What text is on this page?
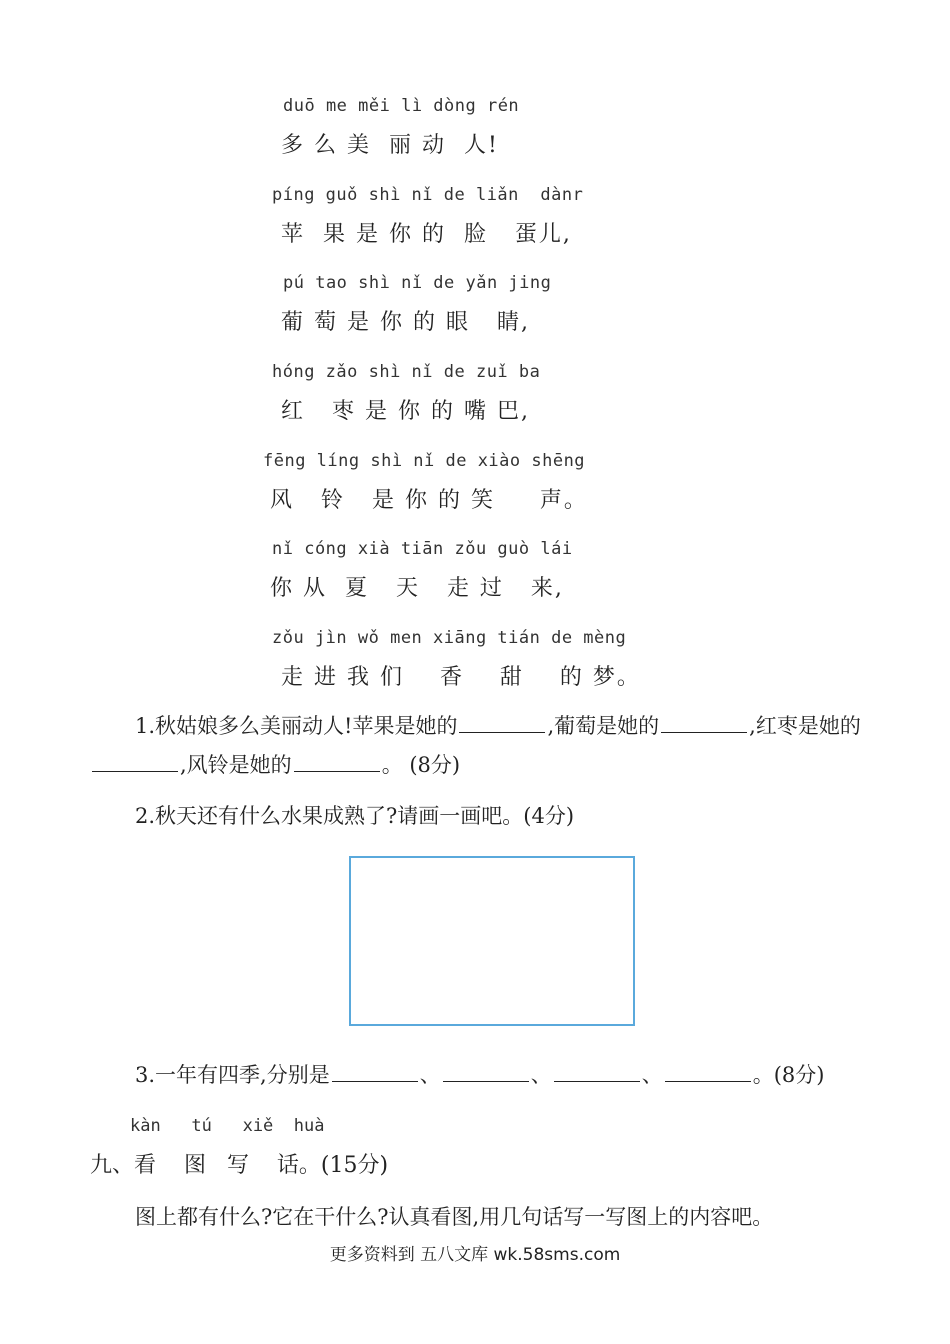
duō me měi lì dòng rén
多 么 美  丽 动  人!
píng guǒ shì nǐ de liǎn  dànr
苹  果 是 你 的  脸   蛋儿,
pú tao shì nǐ de yǎn jing
葡 萄 是 你 的 眼   睛,
hóng zǎo shì nǐ de zuǐ ba
红   枣 是 你 的 嘴 巴,
fēng líng shì nǐ de xiào shēng
风   铃   是 你 的 笑     声。
nǐ cóng xià tiān zǒu guò lái
你 从  夏   天   走 过   来,
zǒu jìn wǒ men xiāng tián de mèng
走 进 我 们    香    甜    的 梦。
1.秋姑娘多么美丽动人!苹果是她的	,葡萄是她的	,红枣是她的,风铃是她的	。 (8分)
2.秋天还有什么水果成熟了?请画一画吧。(4分)
3.一年有四季,分别是	、	、	、	。(8分)
kàn   tú   xiě  huà
九、看    图   写    话。(15分)
图上都有什么?它在干什么?认真看图,用几句话写一写图上的内容吧。
更多资料到 五八文库 wk.58sms.com
